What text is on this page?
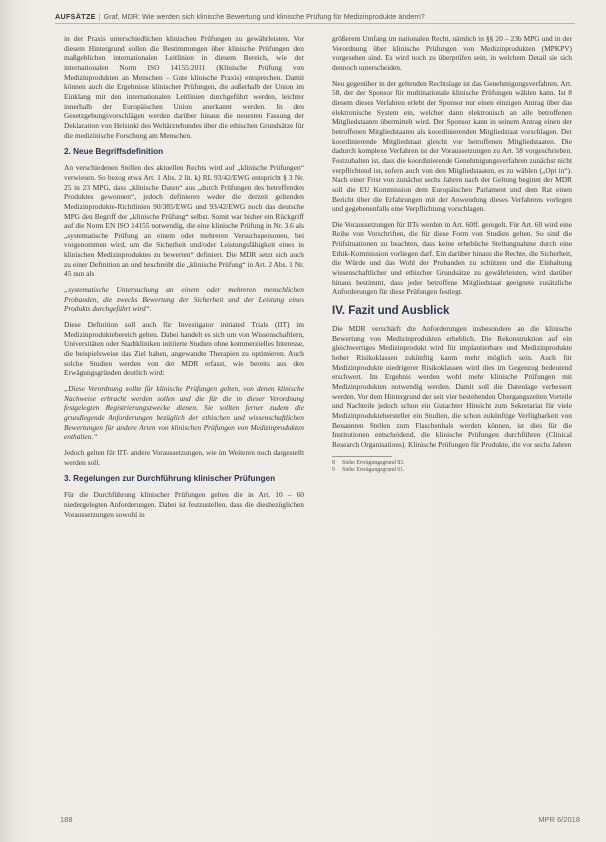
AUFSÄTZE | Graf, MDR: Wie werden sich klinische Bewertung und klinische Prüfung für Medizinprodukte ändern?

in der Praxis unterschiedlichen klinischen Prüfungen zu gewährleisten. Vor diesem Hintergrund sollen die Bestimmungen über klinische Prüfungen den maßgeblichen internationalen Leitlinien in diesem Bereich, wie der internationalen Norm ISO 14155:2011 (Klinische Prüfung von Medizinprodukten an Menschen – Gute klinische Praxis) entsprechen. Damit können auch die Ergebnisse klinischer Prüfungen, die außerhalb der Union im Einklang mit den internationalen Leitlinien durchgeführt werden, leichter innerhalb der Europäischen Union anerkannt werden. In den Gesetzgebungsvorschlägen werden darüber hinaus die neuesten Fassung der Deklaration von Helsinki des Weltärztebundes über die ethischen Grundsätze für die medizinische Forschung am Menschen.

2. Neue Begriffsdefinition

An verschiedenen Stellen des aktuellen Rechts wird auf „klinische Prüfungen“ verwiesen. So bezog etwa Art. 1 Abs. 2 lit. k) RL 93/42/EWG entspricht § 3 Nr. 25 in 23 MPG, dass „klinische Daten“ aus „durch Prüfungen des betreffenden Produktes gewonnen“, jedoch definieren weder die derzeit geltenden Medizinprodukte-Richtlinien 90/385/EWG und 93/42/EWG noch das deutsche MPG den Begriff der „klinische Prüfung“ selbst. Somit war bisher ein Rückgriff auf die Norm EN ISO 14155 notwendig, die eine klinische Prüfung in Nr. 3.6 als „systematische Prüfung an einem oder mehreren Versuchspersonen, bei vorgenommen wird, um die Sicherheit und/oder Leistungsfähigkeit eines in klinischen Medizinproduktes zu bewerten“ definiert. Die MDR setzt sich auch zu einer Definition an und beschreibt die „klinische Prüfung“ in Art. 2 Abs. 1 Nr. 45 nun als

„systematische Untersuchung an einem oder mehreren menschlichen Probanden, die zwecks Bewertung der Sicherheit und der Leistung eines Produkts durchgeführt wird“.

Diese Definition soll auch für Investigator initiated Trials (IIT) im Medizinproduktebereich gelten. Dabei handelt es sich um von Wissenschaftlern, Universitäten oder Stadtkliniken initiierte Studien ohne kommerzielles Interesse, die beispielsweise das Ziel haben, angewandte Therapien zu optimieren. Auch solche Studien werden von der MDR erfasst, wie bereits aus den Erwägungsgründen deutlich wird:

„Diese Verordnung sollte für klinische Prüfungen gelten, von denen klinische Nachweise erbracht werden sollen und die für die in dieser Verordnung festgelegten Registrierungszwecke dienen. Sie sollten ferner zudem die grundlegende Anforderungen bezüglich der ethischen und wissenschaftlichen Bewertungen für andere Arten von klinischen Prüfungen von Medizinprodukten enthalten.“

Jedoch gelten für IIT- andere Voraussetzungen, wie im Weiteren noch dargestellt werden soll.

3. Regelungen zur Durchführung klinischer Prüfungen

Für die Durchführung klinischer Prüfungen gelten die in Art. 10 – 60 niedergelegten Anforderungen. Dabei ist festzustellen, dass die diesbezüglichen Voraussetzungen sowohl in

größerem Umfang im nationalen Recht, nämlich in §§ 20 – 23b MPG und in der Verordnung über klinische Prüfungen von Medizinprodukten (MPKPV) vorgesehen sind. Es wird noch zu überprüfen sein, in welchem Detail sie sich dennoch unterscheiden.

Neu gegenüber in der geltenden Rechtslage ist das Genehmigungsverfahren. Art. 58, der der Sponsor für multinationale klinische Prüfungen wählen kann. Ist 8 diesem dieses Verfahren erlebt der Sponsor nur einen einzigen Antrag über das elektronische System ein, welcher dann elektronisch an alle betroffenen Mitgliedstaaten übermittelt wird. Der Sponsor kann in seinem Antrag einen der betroffenen Mitgliedstaaten als koordinierenden Mitgliedstaat vorschlagen. Der koordinierende Mitgliedstaat gleicht vor betroffenen Mitgliedstaaten. Die dadurch komplexe Verfahren ist der Voraussetzungen zu Art. 58 vorgeschrieben. Festzuhalten ist, dass die koordinierende Genehmigungsverfahren zunächst nicht verpflichtend ist, sofern auch von den Mitgliedstaaten, es zu wählen („Opt in“). Nach einer Frist von zunächst sechs Jahren nach der Geltung beginnt der MDR soll die EU Kommission dem Europäischen Parlament und dem Rat einen Bericht über die Erfahrungen mit der Anwendung dieses Verfahrens vorlegen und gegebenenfalls eine Verpflichtung vorschlagen.

Die Voraussetzungen für IITs werden in Art. 60ff. geregelt. Für Art. 60 wird eine Reihe von Vorschriften, die für diese Form von Studien gelten. So sind die Prüfsituationen zu beachten, dass keine erhebliche Stellungnahme durch eine Ethik-Kommission vorliegen darf. Ein darüber hinaus die Rechte, die Sicherheit, die Würde und das Wohl der Probanden zu schützen und die Einhaltung wissenschaftlicher und ethischer Grundsätze zu gewährleisten, wird darüber hinaus bestimmt, dass jeder betroffene Mitgliedstaat geeignete zusätzliche Anforderungen für diese Prüfungen festlegt.

IV. Fazit und Ausblick

Die MDR verschärft die Anforderungen insbesondere an die klinische Bewertung von Medizinprodukten erheblich. Die Rekonstruktion auf ein gleichwertiges Medizinprodukt wird für implantierbare und Medizinprodukte hoher Risikoklassen zukünftig kaum mehr möglich sein. Auch für Medizinprodukte niedrigerer Risikoklassen wird dies im Gegenzug bedeutend erschwert. Im Ergebnis werden wohl mehr klinische Prüfungen mit Medizinprodukten notwendig werden. Damit soll die Datenlage verbessert werden. Vor dem Hintergrund der seit vier bestehenden Übergangszeiten Vorteile und Nachteile jedoch schon ein Gutachter Hinsicht zum Sekretariat für viele Medizinproduktehersteller ein Studien, die schon zukünftige Verfügbarkeit von Benannten Stellen zum Flaschenhals werden können, ist dies für die Institutionen entscheidend, die klinische Prüfungen durchführen (Clinical Research Organisations). Klinische Prüfungen für Produkte, die vor sechs Jahren

8 Siehe Erwägungsgrund 83.
9 Siehe Erwägungsgrund 61.
188	MPR 6/2018
